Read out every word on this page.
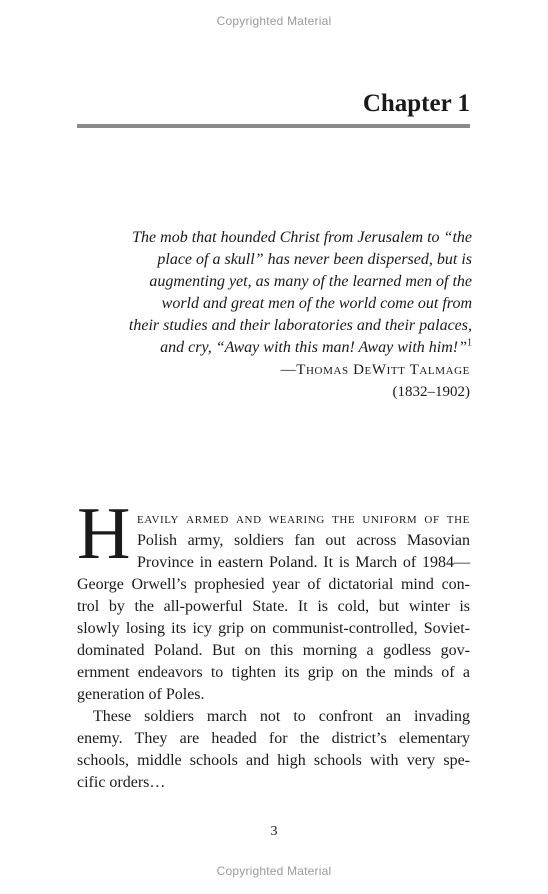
Copyrighted Material
Chapter 1
The mob that hounded Christ from Jerusalem to “the
place of a skull” has never been dispersed, but is
augmenting yet, as many of the learned men of the
world and great men of the world come out from
their studies and their laboratories and their palaces,
and cry, “Away with this man! Away with him!”$^1$
—Thomas DeWitt Talmage
(1832–1902)
H eavily armed and wearing the uniform of the
Polish army, soldiers fan out across Masovian
Province in eastern Poland. It is March of 1984—
George Orwell’s prophesied year of dictatorial mind con-
trol by the all-powerful State. It is cold, but winter is
slowly losing its icy grip on communist-controlled, Soviet-
dominated Poland. But on this morning a godless gov-
ernment endeavors to tighten its grip on the minds of a
generation of Poles.
These soldiers march not to confront an invading
enemy. They are headed for the district’s elementary
schools, middle schools and high schools with very spe-
cific orders…
3
Copyrighted Material
